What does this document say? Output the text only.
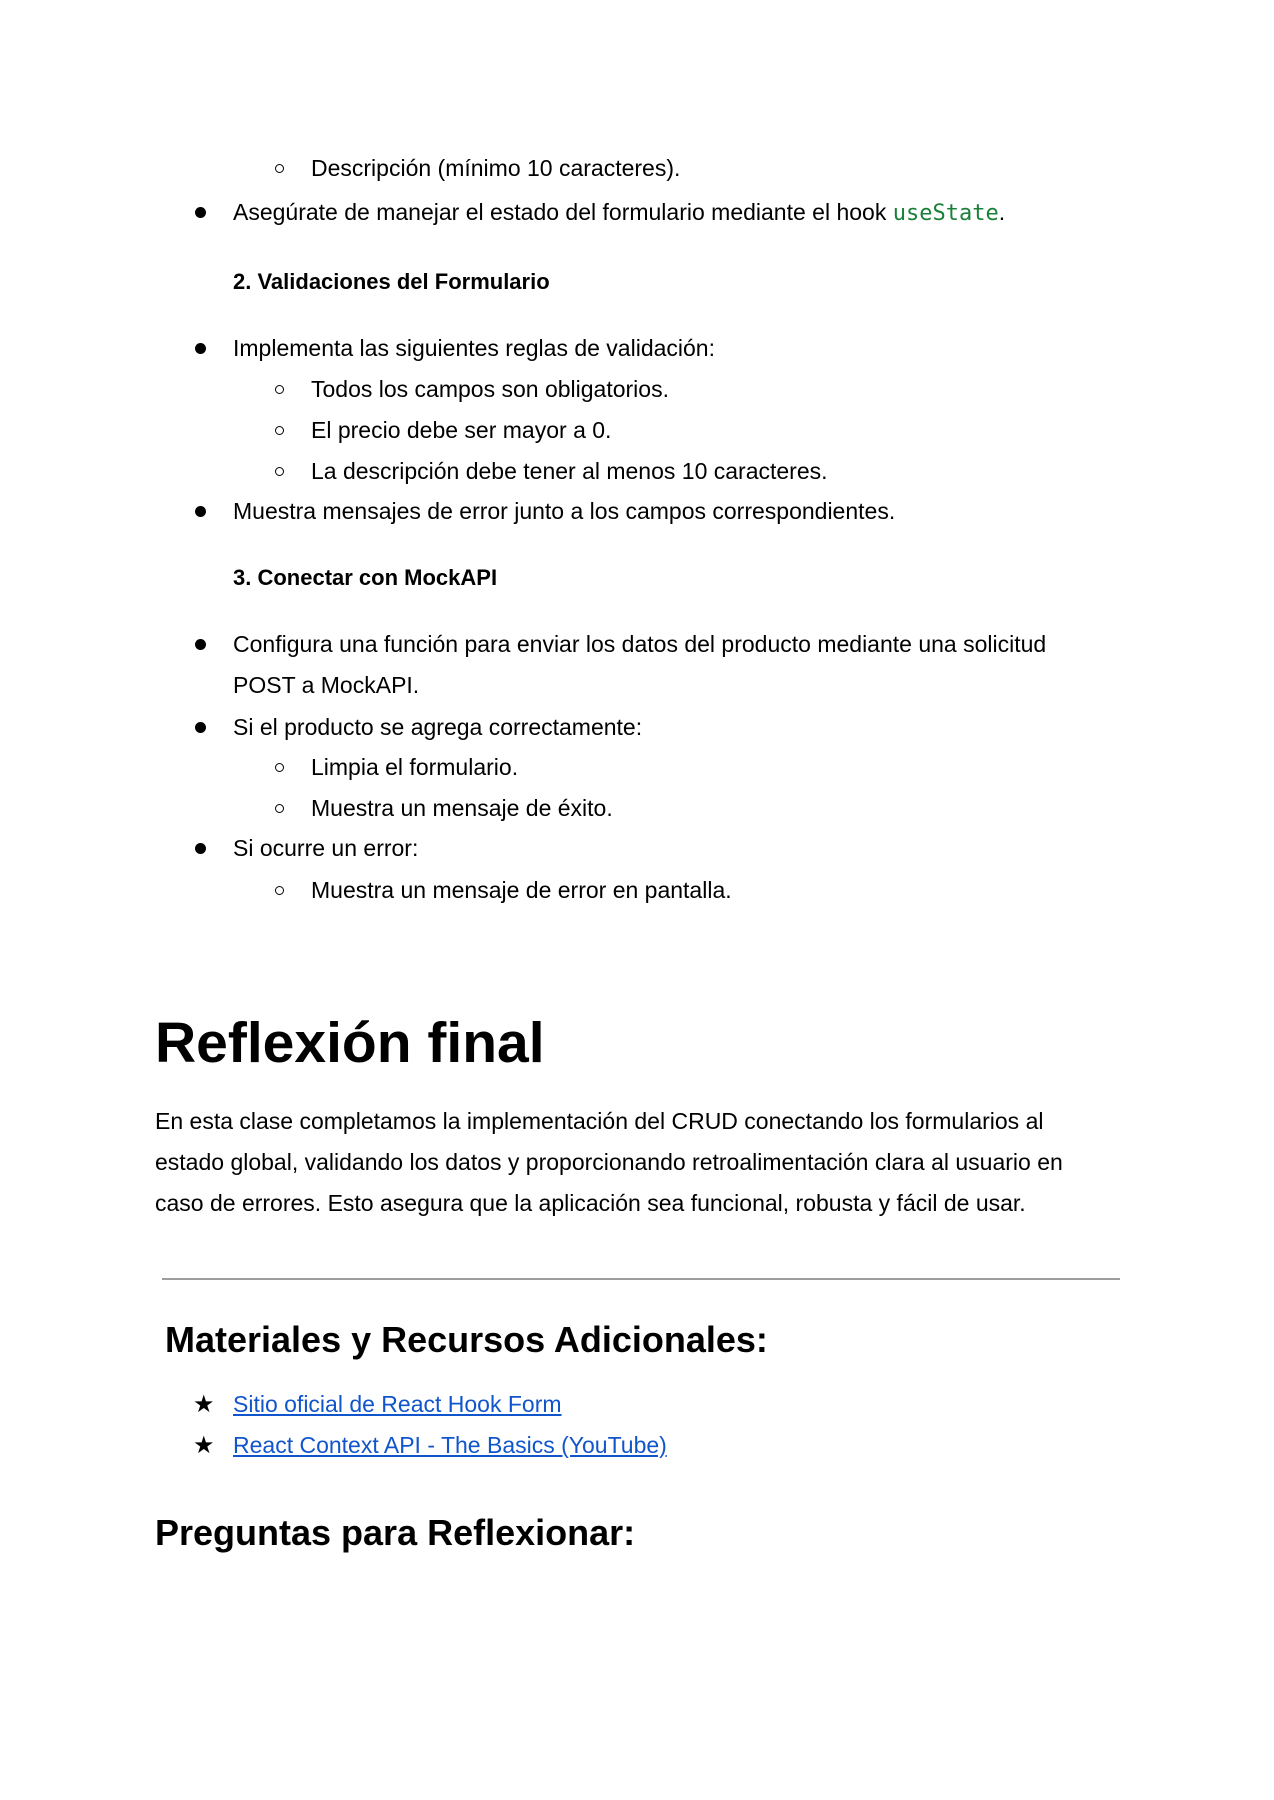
Descripción (mínimo 10 caracteres).
Asegúrate de manejar el estado del formulario mediante el hook useState.
2. Validaciones del Formulario
Implementa las siguientes reglas de validación:
Todos los campos son obligatorios.
El precio debe ser mayor a 0.
La descripción debe tener al menos 10 caracteres.
Muestra mensajes de error junto a los campos correspondientes.
3. Conectar con MockAPI
Configura una función para enviar los datos del producto mediante una solicitud
POST a MockAPI.
Si el producto se agrega correctamente:
Limpia el formulario.
Muestra un mensaje de éxito.
Si ocurre un error:
Muestra un mensaje de error en pantalla.
Reflexión final
En esta clase completamos la implementación del CRUD conectando los formularios al
estado global, validando los datos y proporcionando retroalimentación clara al usuario en
caso de errores. Esto asegura que la aplicación sea funcional, robusta y fácil de usar.
Materiales y Recursos Adicionales:
★ Sitio oficial de React Hook Form
★ React Context API - The Basics (YouTube)
Preguntas para Reflexionar:
